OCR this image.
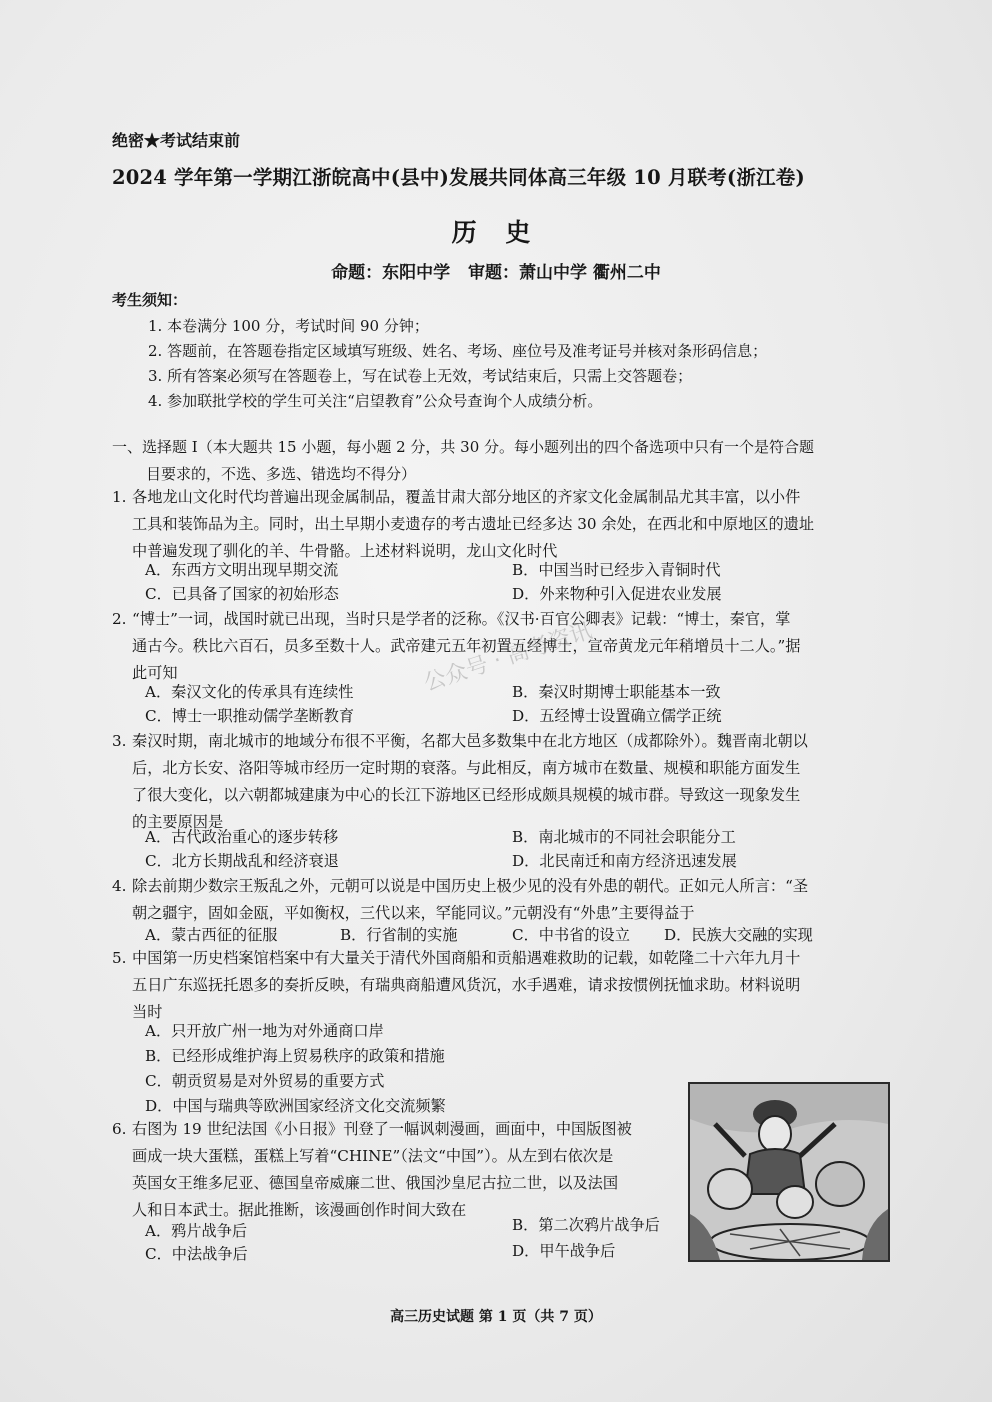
绝密★考试结束前
2024 学年第一学期江浙皖高中(县中)发展共同体高三年级 10 月联考(浙江卷)
历 史
命题：东阳中学 审题：萧山中学 衢州二中
考生须知：
1. 本卷满分 100 分，考试时间 90 分钟；
2. 答题前，在答题卷指定区域填写班级、姓名、考场、座位号及准考证号并核对条形码信息；
3. 所有答案必须写在答题卷上，写在试卷上无效，考试结束后，只需上交答题卷；
4. 参加联批学校的学生可关注“启望教育”公众号查询个人成绩分析。
一、选择题 I（本大题共 15 小题，每小题 2 分，共 30 分。每小题列出的四个备选项中只有一个是符合题
目要求的，不选、多选、错选均不得分）
1. 各地龙山文化时代均普遍出现金属制品，覆盖甘肃大部分地区的齐家文化金属制品尤其丰富，以小件
工具和装饰品为主。同时，出土早期小麦遗存的考古遗址已经多达 30 余处，在西北和中原地区的遗址
中普遍发现了驯化的羊、牛骨骼。上述材料说明，龙山文化时代
A．东西方文明出现早期交流	B．中国当时已经步入青铜时代
C．已具备了国家的初始形态	D．外来物种引入促进农业发展
2. “博士”一词，战国时就已出现，当时只是学者的泛称。《汉书·百官公卿表》记载：“博士，秦官，掌
通古今。秩比六百石，员多至数十人。武帝建元五年初置五经博士，宣帝黄龙元年稍增员十二人。”据
此可知
A．秦汉文化的传承具有连续性	B．秦汉时期博士职能基本一致
C．博士一职推动儒学垄断教育	D．五经博士设置确立儒学正统
公众号 · 高考资讯
3. 秦汉时期，南北城市的地域分布很不平衡，名都大邑多数集中在北方地区（成都除外）。魏晋南北朝以
后，北方长安、洛阳等城市经历一定时期的衰落。与此相反，南方城市在数量、规模和职能方面发生
了很大变化，以六朝都城建康为中心的长江下游地区已经形成颇具规模的城市群。导致这一现象发生
的主要原因是
A．古代政治重心的逐步转移	B．南北城市的不同社会职能分工
C．北方长期战乱和经济衰退	D．北民南迁和南方经济迅速发展
4. 除去前期少数宗王叛乱之外，元朝可以说是中国历史上极少见的没有外患的朝代。正如元人所言：“圣
朝之疆宇，固如金瓯，平如衡权，三代以来，罕能同议。”元朝没有“外患”主要得益于
A．蒙古西征的征服	B．行省制的实施	C．中书省的设立 D．民族大交融的实现
5. 中国第一历史档案馆档案中有大量关于清代外国商船和贡船遇难救助的记载，如乾隆二十六年九月十
五日广东巡抚托恩多的奏折反映，有瑞典商船遭风货沉，水手遇难，请求按惯例抚恤求助。材料说明
当时
A．只开放广州一地为对外通商口岸
B．已经形成维护海上贸易秩序的政策和措施
C．朝贡贸易是对外贸易的重要方式
D．中国与瑞典等欧洲国家经济文化交流频繁
6. 右图为 19 世纪法国《小日报》刊登了一幅讽刺漫画，画面中，中国版图被
画成一块大蛋糕，蛋糕上写着“CHINE”（法文“中国”）。从左到右依次是
英国女王维多尼亚、德国皇帝威廉二世、俄国沙皇尼古拉二世，以及法国
人和日本武士。据此推断，该漫画创作时间大致在
A．鸦片战争后	B．第二次鸦片战争后
C．中法战争后	D．甲午战争后
高三历史试题 第 1 页（共 7 页）
